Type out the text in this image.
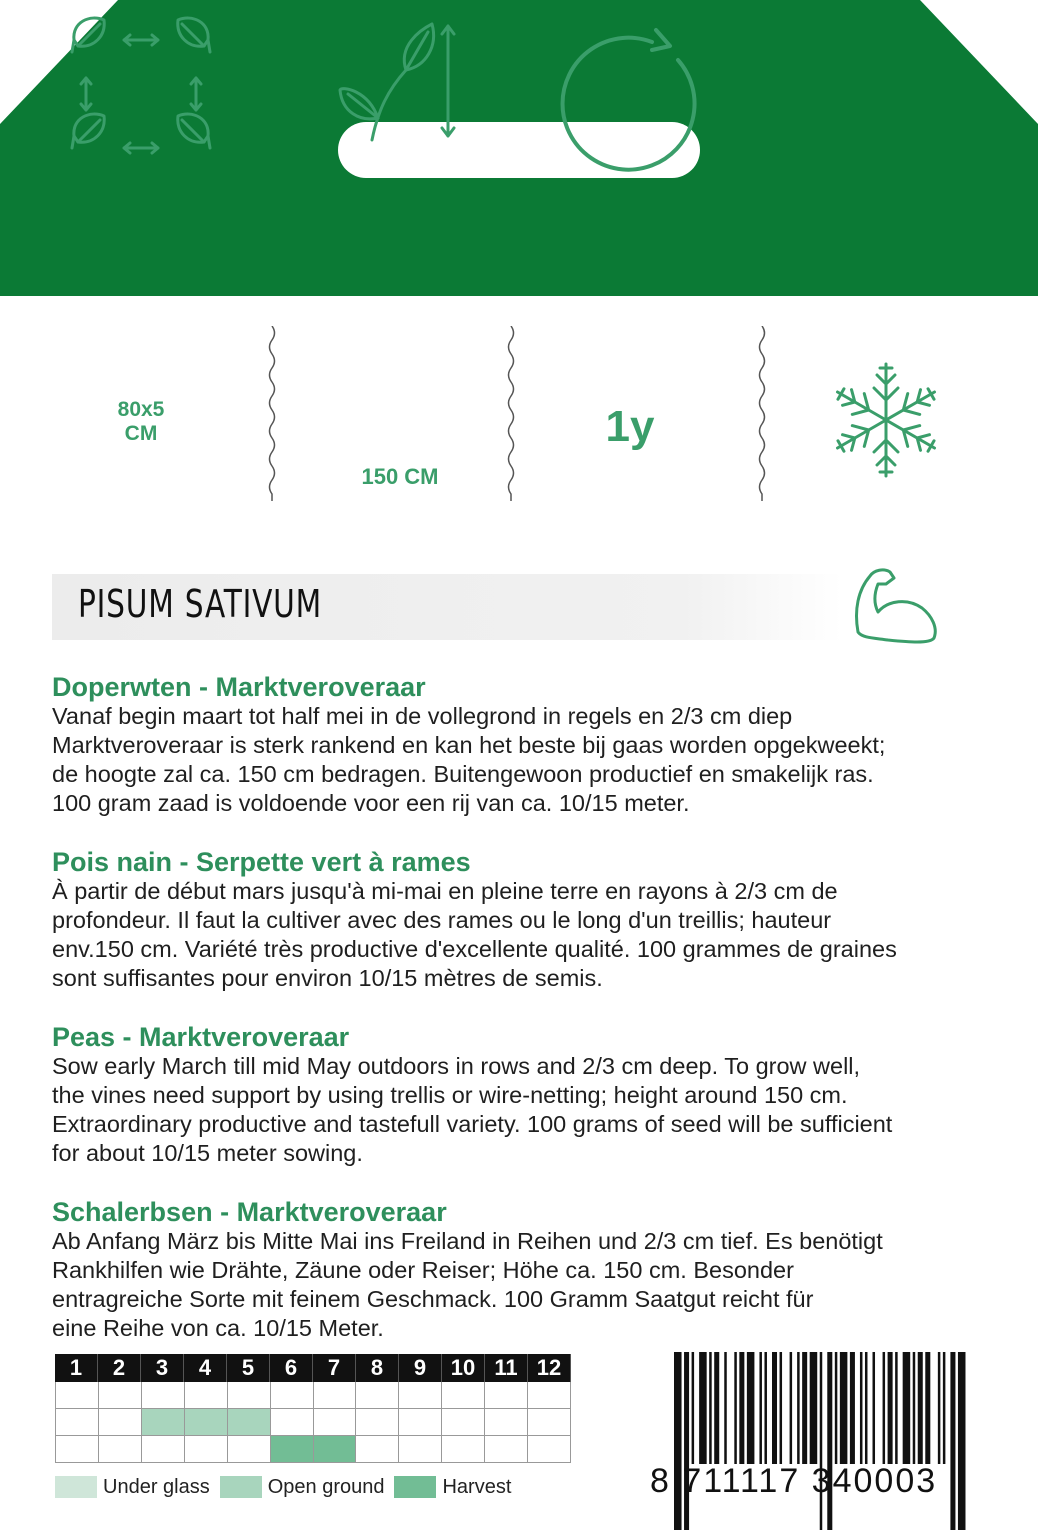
80x5
CM
150 CM
1y
PISUM SATIVUM
Doperwten - Marktveroveraar

Vanaf begin maart tot half mei in de vollegrond in regels en 2/3 cm diep

Marktveroveraar is sterk rankend en kan het beste bij gaas worden opgekweekt;

de hoogte zal ca. 150 cm bedragen. Buitengewoon productief en smakelijk ras.

100 gram zaad is voldoende voor een rij van ca. 10/15 meter.

Pois nain - Serpette vert à rames

À partir de début mars jusqu'à mi-mai en pleine terre en rayons à 2/3 cm de

profondeur. Il faut la cultiver avec des rames ou le long d'un treillis; hauteur

env.150 cm. Variété très productive d'excellente qualité. 100 grammes de graines

sont suffisantes pour environ 10/15 mètres de semis.

Peas - Marktveroveraar

Sow early March till mid May outdoors in rows and 2/3 cm deep. To grow well,

the vines need support by using trellis or wire-netting; height around 150 cm.

Extraordinary productive and tastefull variety. 100 grams of seed will be sufficient

for about 10/15 meter sowing.

Schalerbsen - Marktveroveraar

Ab Anfang März bis Mitte Mai ins Freiland in Reihen und 2/3 cm tief. Es benötigt

Rankhilfen wie Drähte, Zäune oder Reiser; Höhe ca. 150 cm. Besonder

entragreiche Sorte mit feinem Geschmack. 100 Gramm Saatgut reicht für

eine Reihe von ca. 10/15 Meter.

1	2	3	4	5	6	7	8	9	10 11 12
Under glass	Open ground	Harvest	8 711117 340003
